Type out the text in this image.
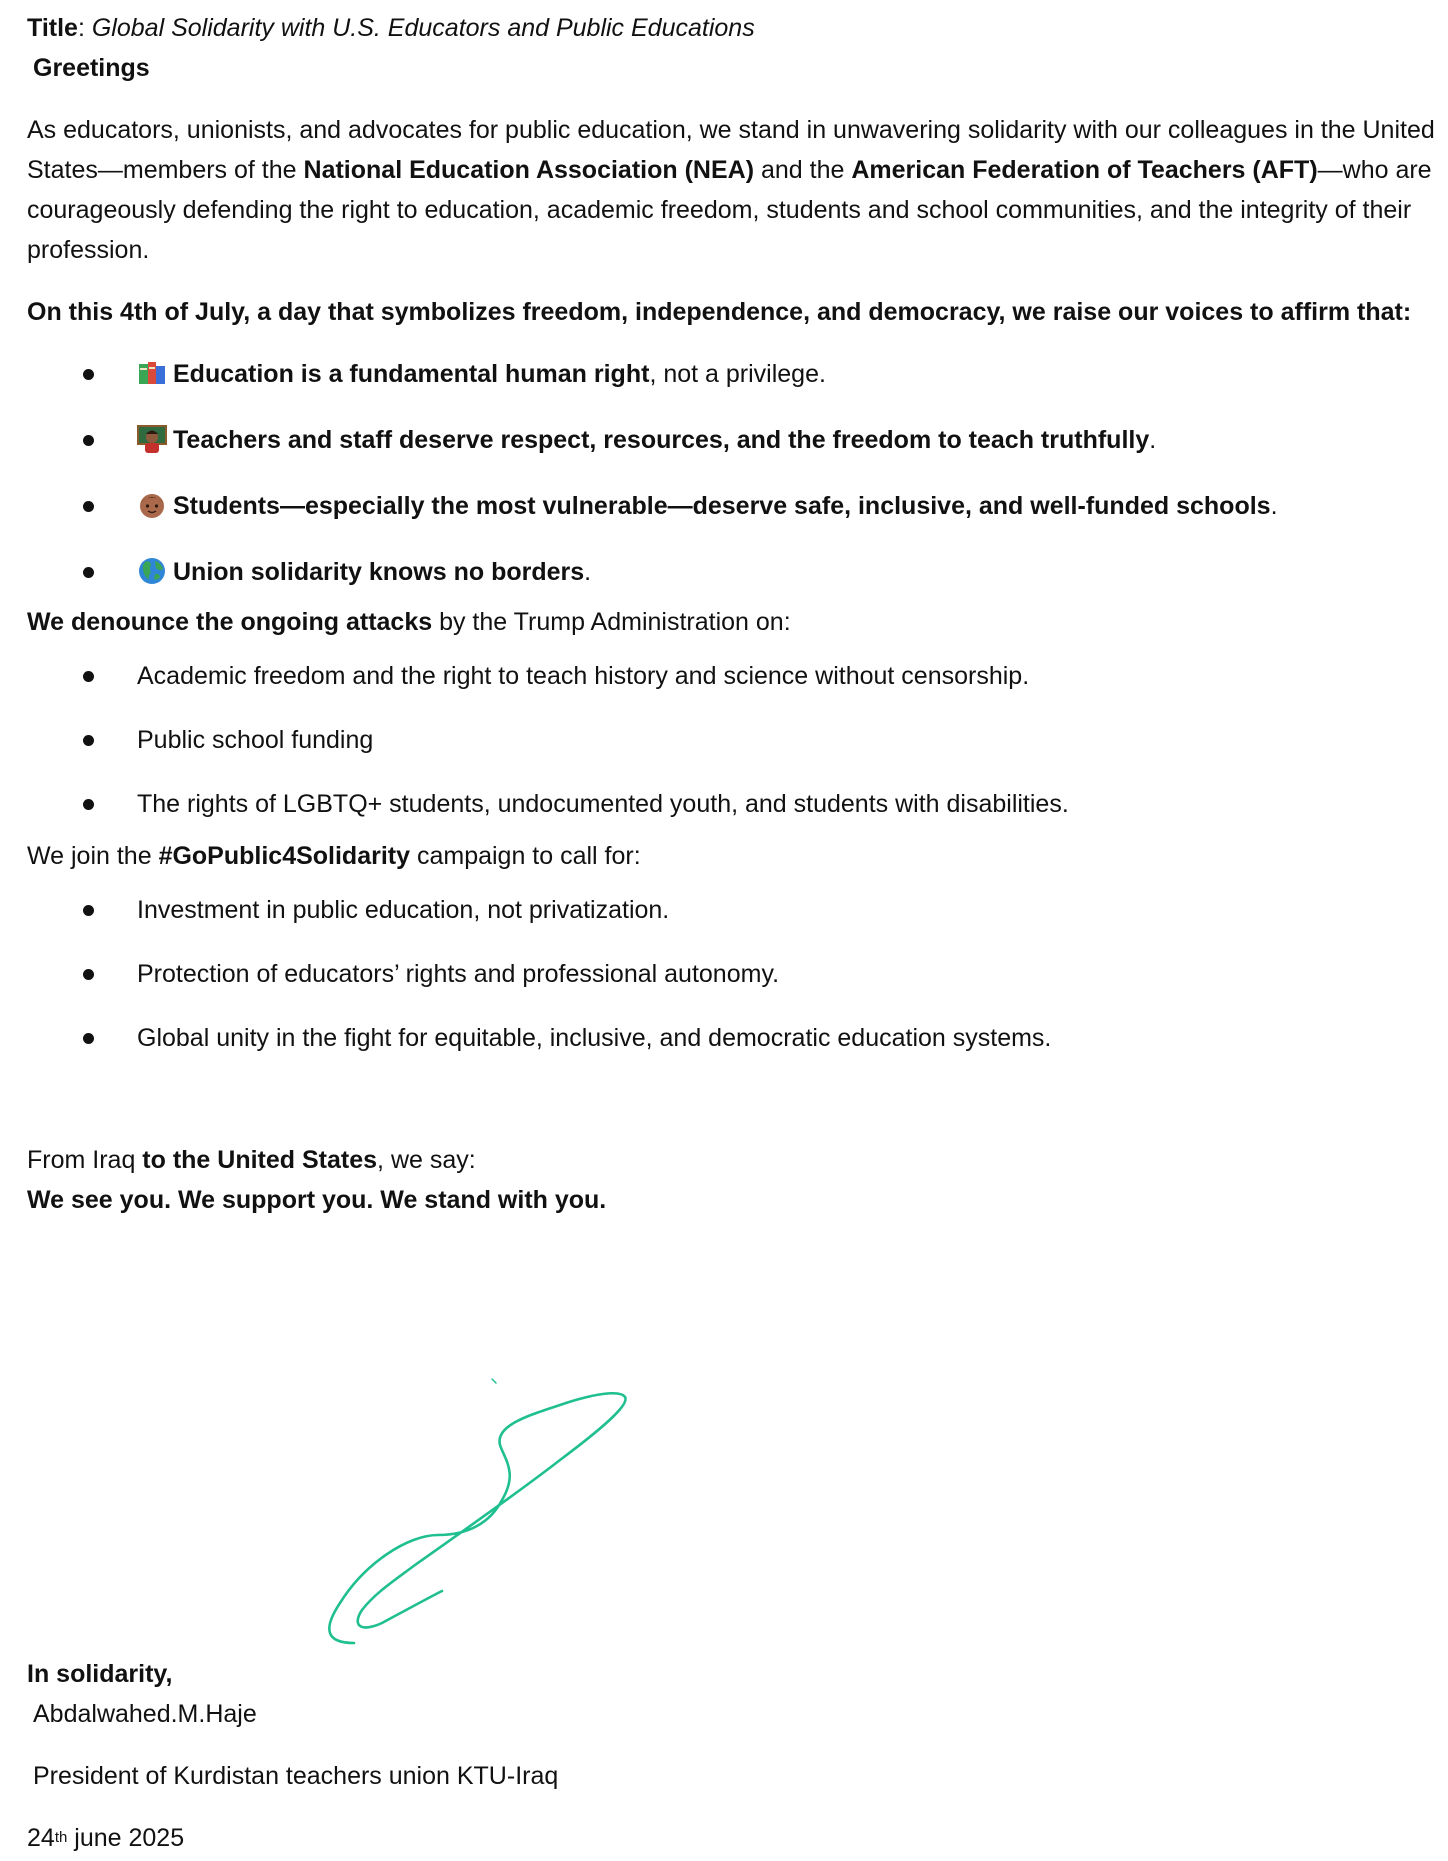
Title: Global Solidarity with U.S. Educators and Public Educations

Greetings

As educators, unionists, and advocates for public education, we stand in unwavering solidarity with our colleagues in the United States—members of the National Education Association (NEA) and the American Federation of Teachers (AFT)—who are courageously defending the right to education, academic freedom, students and school communities, and the integrity of their profession.

On this 4th of July, a day that symbolizes freedom, independence, and democracy, we raise our voices to affirm that:

Education is a fundamental human right, not a privilege.
Teachers and staff deserve respect, resources, and the freedom to teach truthfully.
Students—especially the most vulnerable—deserve safe, inclusive, and well-funded schools.
Union solidarity knows no borders.

We denounce the ongoing attacks by the Trump Administration on:

Academic freedom and the right to teach history and science without censorship.
Public school funding
The rights of LGBTQ+ students, undocumented youth, and students with disabilities.

We join the #GoPublic4Solidarity campaign to call for:

Investment in public education, not privatization.
Protection of educators’ rights and professional autonomy.
Global unity in the fight for equitable, inclusive, and democratic education systems.

From Iraq to the United States, we say:

We see you. We support you. We stand with you.

In solidarity,
Abdalwahed.M.Haje
President of Kurdistan teachers union KTU-Iraq
24th june 2025
